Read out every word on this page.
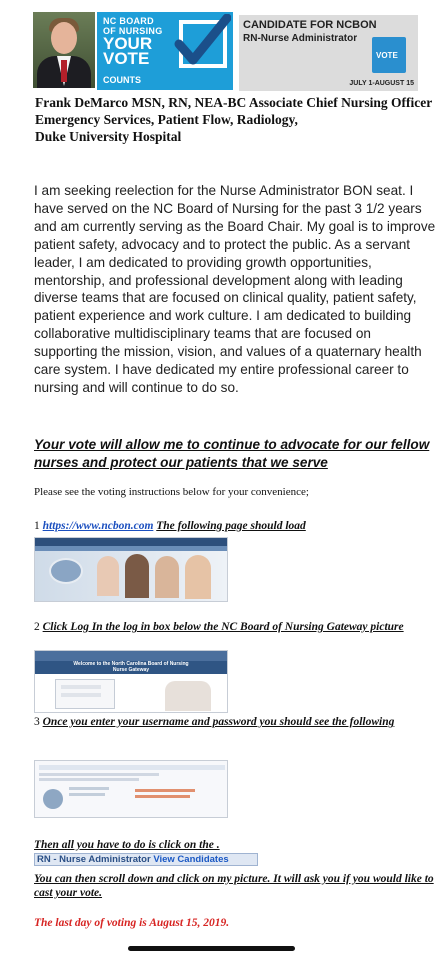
NC BOARD
OF NURSING
YOUR
VOTE
COUNTS
CANDIDATE FOR NCBON
RN-Nurse Administrator
VOTE
JULY 1-AUGUST 15
Frank DeMarco MSN, RN, NEA-BC Associate Chief Nursing Officer
Emergency Services, Patient Flow, Radiology,
Duke University Hospital
I am seeking reelection for the Nurse Administrator BON seat. I have served on the NC Board of Nursing for the past 3 1/2 years and am currently serving as the Board Chair. My goal is to improve patient safety, advocacy and to protect the public. As a servant leader, I am dedicated to providing growth opportunities, mentorship, and professional development along with leading diverse teams that are focused on clinical quality, patient safety, patient experience and work culture. I am dedicated to building collaborative multidisciplinary teams that are focused on supporting the mission, vision, and values of a quaternary health care system. I have dedicated my entire professional career to nursing and will continue to do so.
Your vote will allow me to continue to advocate for our fellow nurses and protect our patients that we serve
Please see the voting instructions below for your convenience;
1 https://www.ncbon.com The following page should load
2 Click Log In the log in box below the NC Board of Nursing Gateway picture
Welcome to the North Carolina Board of Nursing
Nurse Gateway
3 Once you enter your username and password you should see the following
Then all you have to do is click on the .
RN - Nurse Administrator View Candidates
You can then scroll down and click on my picture. It will ask you if you would like to cast your vote.
The last day of voting is August 15, 2019.
